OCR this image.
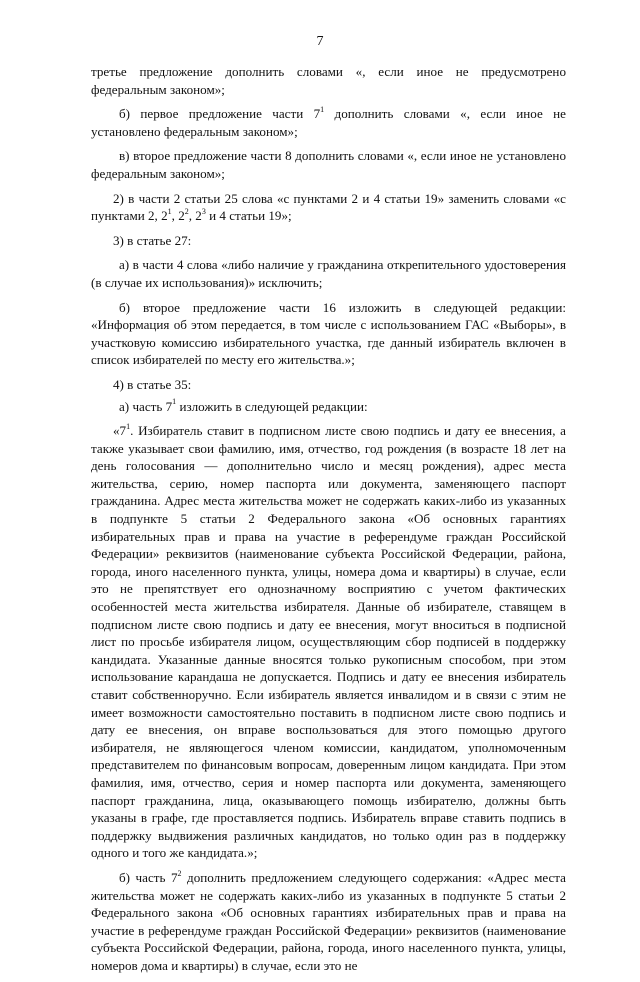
7

третье предложение дополнить словами «, если иное не предусмотрено федеральным законом»;

б) первое предложение части $7^1$ дополнить словами «, если иное не установлено федеральным законом»;

в) второе предложение части 8 дополнить словами «, если иное не установлено федеральным законом»;

2) в части 2 статьи 25 слова «с пунктами 2 и 4 статьи 19» заменить словами «с пунктами 2, $2^1$, $2^2$, $2^3$ и 4 статьи 19»;

3) в статье 27:

а) в части 4 слова «либо наличие у гражданина открепительного удостоверения (в случае их использования)» исключить;

б) второе предложение части 16 изложить в следующей редакции: «Информация об этом передается, в том числе с использованием ГАС «Выборы», в участковую комиссию избирательного участка, где данный избиратель включен в список избирателей по месту его жительства.»;

4) в статье 35:

а) часть $7^1$ изложить в следующей редакции:

«$7^1$. Избиратель ставит в подписном листе свою подпись и дату ее внесения, а также указывает свои фамилию, имя, отчество, год рождения (в возрасте 18 лет на день голосования — дополнительно число и месяц рождения), адрес места жительства, серию, номер паспорта или документа, заменяющего паспорт гражданина. Адрес места жительства может не содержать каких-либо из указанных в подпункте 5 статьи 2 Федерального закона «Об основных гарантиях избирательных прав и права на участие в референдуме граждан Российской Федерации» реквизитов (наименование субъекта Российской Федерации, района, города, иного населенного пункта, улицы, номера дома и квартиры) в случае, если это не препятствует его однозначному восприятию с учетом фактических особенностей места жительства избирателя. Данные об избирателе, ставящем в подписном листе свою подпись и дату ее внесения, могут вноситься в подписной лист по просьбе избирателя лицом, осуществляющим сбор подписей в поддержку кандидата. Указанные данные вносятся только рукописным способом, при этом использование карандаша не допускается. Подпись и дату ее внесения избиратель ставит собственноручно. Если избиратель является инвалидом и в связи с этим не имеет возможности самостоятельно поставить в подписном листе свою подпись и дату ее внесения, он вправе воспользоваться для этого помощью другого избирателя, не являющегося членом комиссии, кандидатом, уполномоченным представителем по финансовым вопросам, доверенным лицом кандидата. При этом фамилия, имя, отчество, серия и номер паспорта или документа, заменяющего паспорт гражданина, лица, оказывающего помощь избирателю, должны быть указаны в графе, где проставляется подпись. Избиратель вправе ставить подпись в поддержку выдвижения различных кандидатов, но только один раз в поддержку одного и того же кандидата.»;

б) часть $7^2$ дополнить предложением следующего содержания: «Адрес места жительства может не содержать каких-либо из указанных в подпункте 5 статьи 2 Федерального закона «Об основных гарантиях избирательных прав и права на участие в референдуме граждан Российской Федерации» реквизитов (наименование субъекта Российской Федерации, района, города, иного населенного пункта, улицы, номеров дома и квартиры) в случае, если это не
